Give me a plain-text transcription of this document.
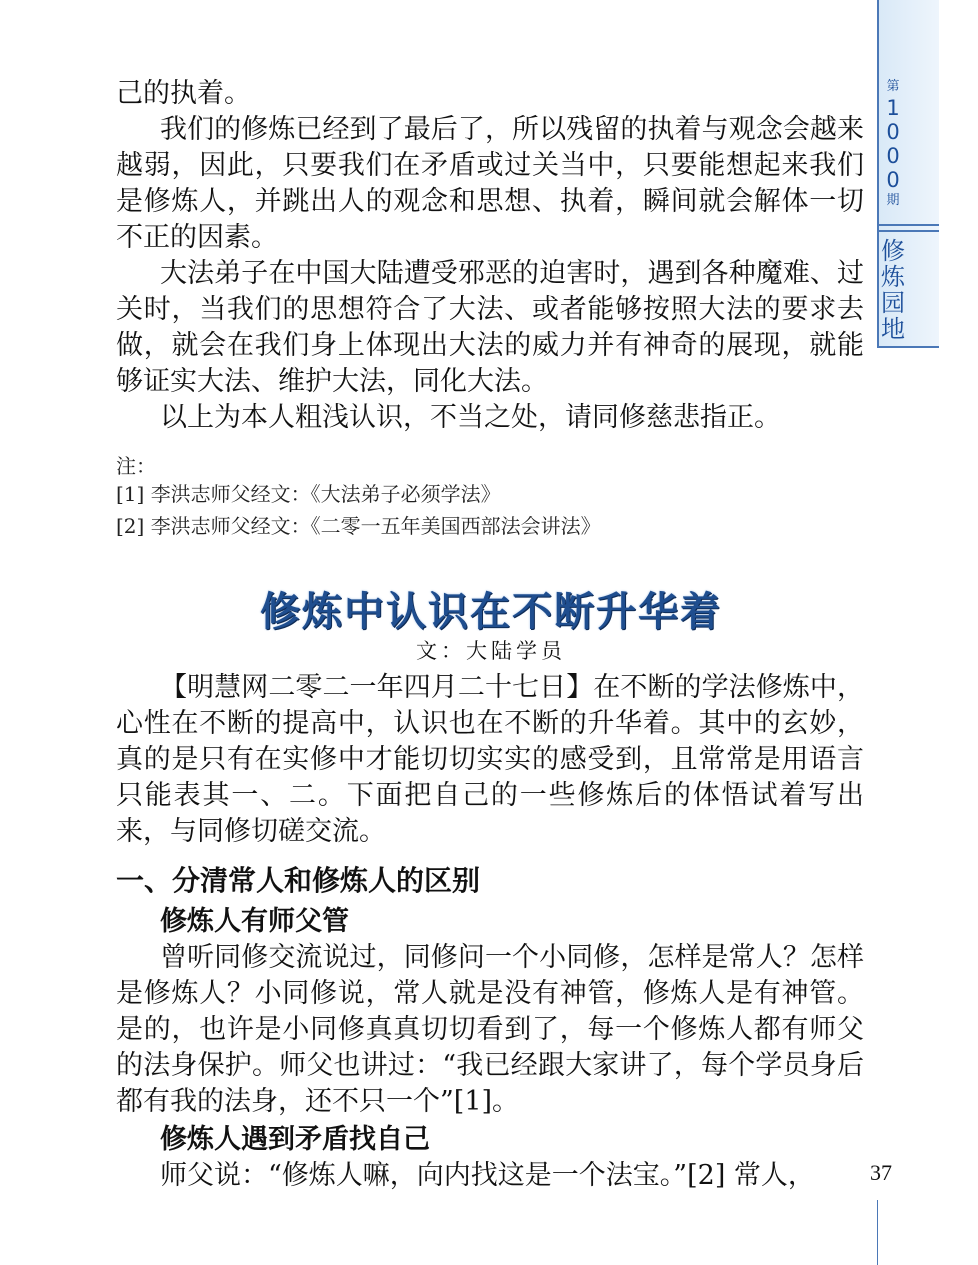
第
1
0
0
0
期
修炼园地

己的执着。

我们的修炼已经到了最后了，所以残留的执着与观念会越来越弱，因此，只要我们在矛盾或过关当中，只要能想起来我们是修炼人，并跳出人的观念和思想、执着，瞬间就会解体一切不正的因素。

大法弟子在中国大陆遭受邪恶的迫害时，遇到各种魔难、过关时，当我们的思想符合了大法、或者能够按照大法的要求去做，就会在我们身上体现出大法的威力并有神奇的展现，就能够证实大法、维护大法，同化大法。

以上为本人粗浅认识，不当之处，请同修慈悲指正。

注：

[1] 李洪志师父经文：《大法弟子必须学法》

[2] 李洪志师父经文：《二零一五年美国西部法会讲法》

修炼中认识在不断升华着
文：大陆学员

【明慧网二零二一年四月二十七日】在不断的学法修炼中，心性在不断的提高中，认识也在不断的升华着。其中的玄妙，真的是只有在实修中才能切切实实的感受到，且常常是用语言只能表其一、二。下面把自己的一些修炼后的体悟试着写出来，与同修切磋交流。

一、分清常人和修炼人的区别
修炼人有师父管

曾听同修交流说过，同修问一个小同修，怎样是常人？怎样是修炼人？小同修说，常人就是没有神管，修炼人是有神管。是的，也许是小同修真真切切看到了，每一个修炼人都有师父的法身保护。师父也讲过：“我已经跟大家讲了，每个学员身后都有我的法身，还不只一个”[1]。

修炼人遇到矛盾找自己

师父说：“修炼人嘛，向内找这是一个法宝。”[2] 常人，	37
